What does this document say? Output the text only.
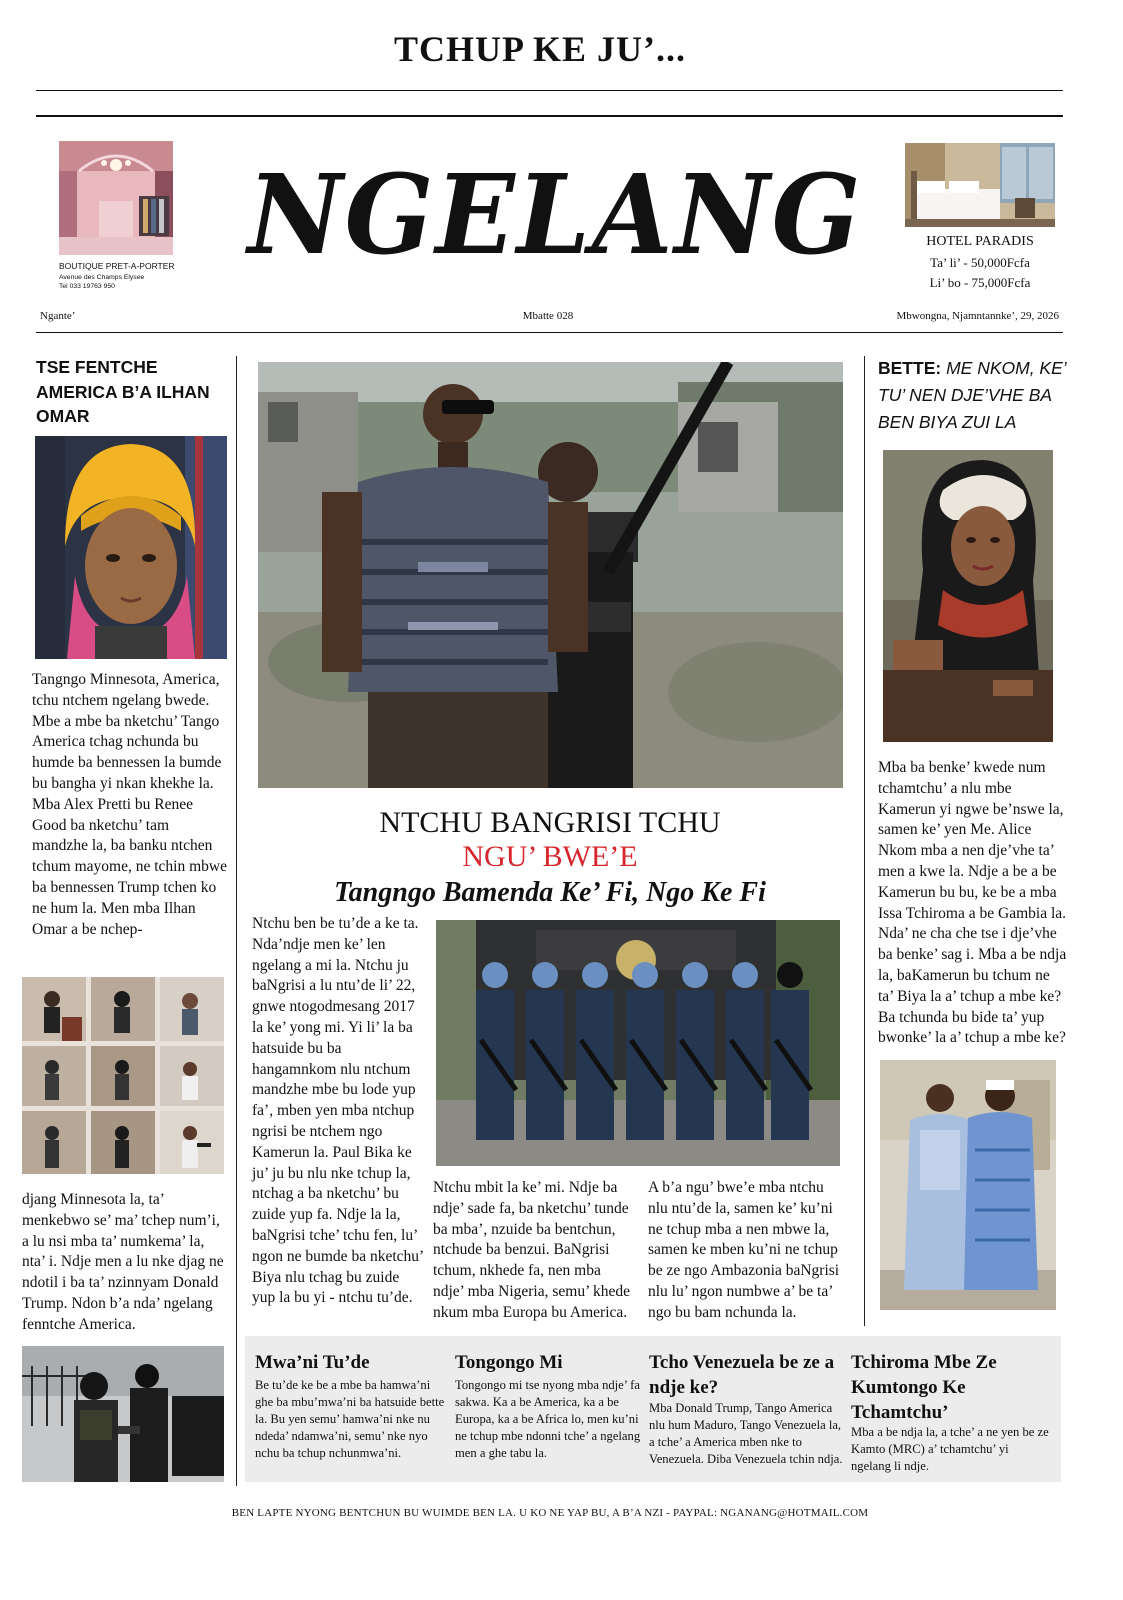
TCHUP KE JU’...
BOUTIQUE PRET-A-PORTER
Avenue des Champs Elysee
Tel 033 19763 950
NGELANG	HOTEL PARADIS
Ta’ li’ - 50,000Fcfa
Li’ bo - 75,000Fcfa
Ngante’	Mbatte 028	Mbwongna, Njamntannke’, 29, 2026
TSE FENTCHE AMERICA B’A ILHAN OMAR
Tangngo Minnesota, America, tchu ntchem ngelang bwede. Mbe a mbe ba nketchu’ Tango America tchag nchunda bu humde ba bennessen la bumde bu bangha yi nkan khekhe la. Mba Alex Pretti bu Renee Good ba nketchu’ tam mandzhe la, ba banku ntchen tchum mayome, ne tchin mbwe ba bennessen Trump tchen ko ne hum la. Men mba Ilhan Omar a be nchep-
djang Minnesota la, ta’ menkebwo se’ ma’ tchep num’i, a lu nsi mba ta’ numkema’ la, nta’ i. Ndje men a lu nke djag ne ndotil i ba ta’ nzinnyam Donald Trump. Ndon b’a nda’ ngelang fenntche America.
NTCHU BANGRISI TCHU
NGU’ BWE’E
Tangngo Bamenda Ke’ Fi, Ngo Ke Fi
Ntchu ben be tu’de a ke ta. Nda’ndje men ke’ len ngelang a mi la. Ntchu ju baNgrisi a lu ntu’de li’ 22, gnwe ntogodmesang 2017 la ke’ yong mi. Yi li’ la ba hatsuide bu ba hangamnkom nlu ntchum mandzhe mbe bu lode yup fa’, mben yen mba ntchup ngrisi be ntchem ngo Kamerun la. Paul Bika ke ju’ ju bu nlu nke tchup la, ntchag a ba nketchu’ bu zuide yup fa. Ndje la la, baNgrisi tche’ tchu fen, lu’ ngon ne bumde ba nketchu’ Biya nlu tchag bu zuide yup la bu yi - ntchu tu’de.
Ntchu mbit la ke’ mi. Ndje ba ndje’ sade fa, ba nketchu’ tunde ba mba’, nzuide ba bentchun, ntchude ba benzui. BaNgrisi tchum, nkhede fa, nen mba ndje’ mba Nigeria, semu’ khede nkum mba Europa bu America.
A b’a ngu’ bwe’e mba ntchu nlu ntu’de la, samen ke’ ku’ni ne tchup mba a nen mbwe la, samen ke mben ku’ni ne tchup be ze ngo Ambazonia baNgrisi nlu lu’ ngon numbwe a’ be ta’ ngo bu bam nchunda la.
BETTE: ME NKOM, KE’ TU’ NEN DJE’VHE BA BEN BIYA ZUI LA
Mba ba benke’ kwede num tchamtchu’ a nlu mbe Kamerun yi ngwe be’nswe la, samen ke’ yen Me. Alice Nkom mba a nen dje’vhe ta’ men a kwe la. Ndje a be a be Kamerun bu bu, ke be a mba Issa Tchiroma a be Gambia la. Nda’ ne cha che tse i dje’vhe ba benke’ sag i. Mba a be ndja la, baKamerun bu tchum ne ta’ Biya la a’ tchup a mbe ke? Ba tchunda bu bide ta’ yup bwonke’ la a’ tchup a mbe ke?
Mwa’ni Tu’de
Be tu’de ke be a mbe ba hamwa’ni ghe ba mbu’mwa’ni ba hatsuide bette la. Bu yen semu’ hamwa’ni nke nu ndeda’ ndamwa’ni, semu’ nke nyo nchu ba tchup nchunmwa’ni.
Tongongo Mi
Tongongo mi tse nyong mba ndje’ fa sakwa. Ka a be America, ka a be Europa, ka a be Africa lo, men ku’ni ne tchup mbe ndonni tche’ a ngelang men a ghe tabu la.
Tcho Venezuela be ze a ndje ke?
Mba Donald Trump, Tango America nlu hum Maduro, Tango Venezuela la, a tche’ a America mben nke to Venezuela. Diba Venezuela tchin ndja.
Tchiroma Mbe Ze Kumtongo Ke Tchamtchu’
Mba a be ndja la, a tche’ a ne yen be ze Kamto (MRC) a’ tchamtchu’ yi ngelang li ndje.
BEN LAPTE NYONG BENTCHUN BU WUIMDE BEN LA. U KO NE YAP BU, A B’A NZI - PAYPAL: NGANANG@HOTMAIL.COM
